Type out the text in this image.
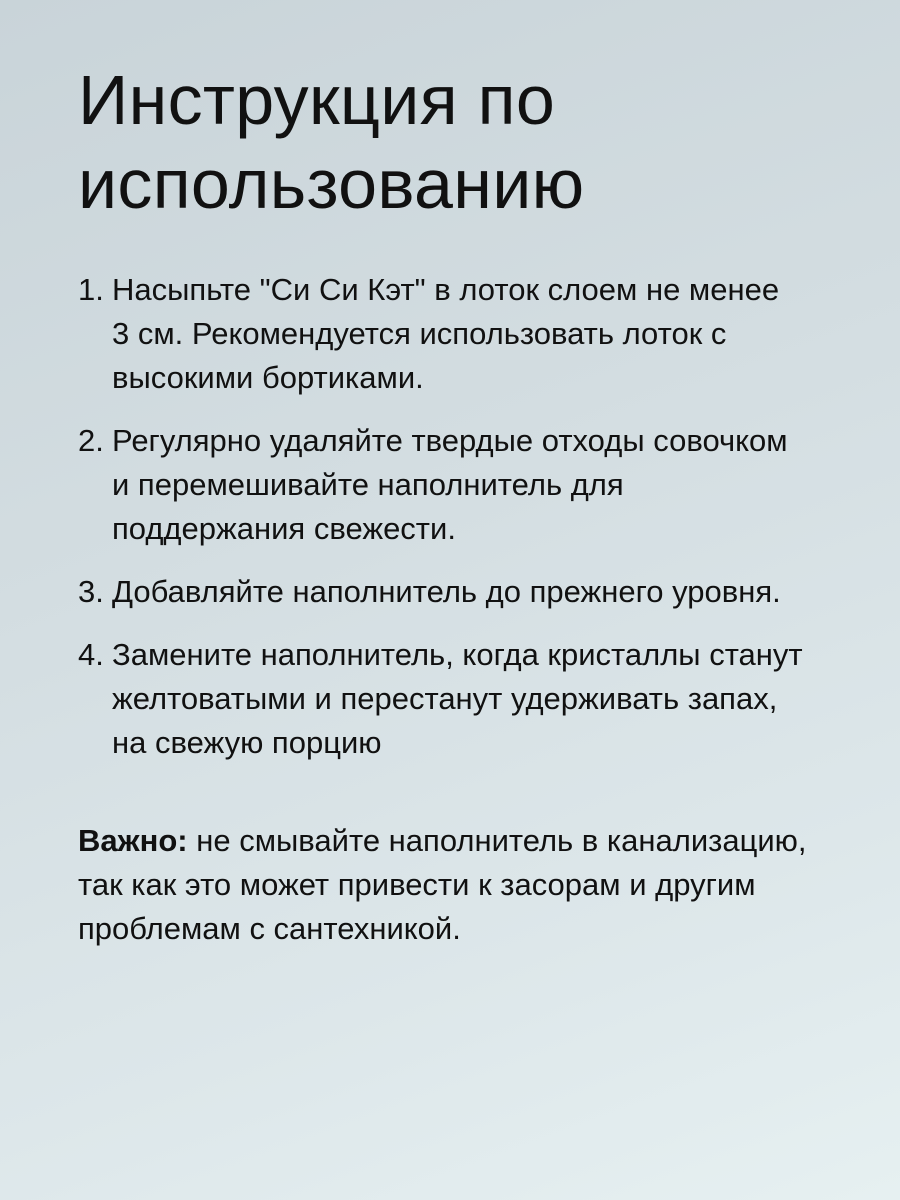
Инструкция по использованию
1. Насыпьте "Си Си Кэт" в лоток слоем не менее 3 см. Рекомендуется использовать лоток с высокими бортиками.
2. Регулярно удаляйте твердые отходы совочком и перемешивайте наполнитель для поддержания свежести.
3. Добавляйте наполнитель до прежнего уровня.
4. Замените наполнитель, когда кристаллы станут желтоватыми и перестанут удерживать запах, на свежую порцию

Важно: не смывайте наполнитель в канализацию, так как это может привести к засорам и другим проблемам с сантехникой.
